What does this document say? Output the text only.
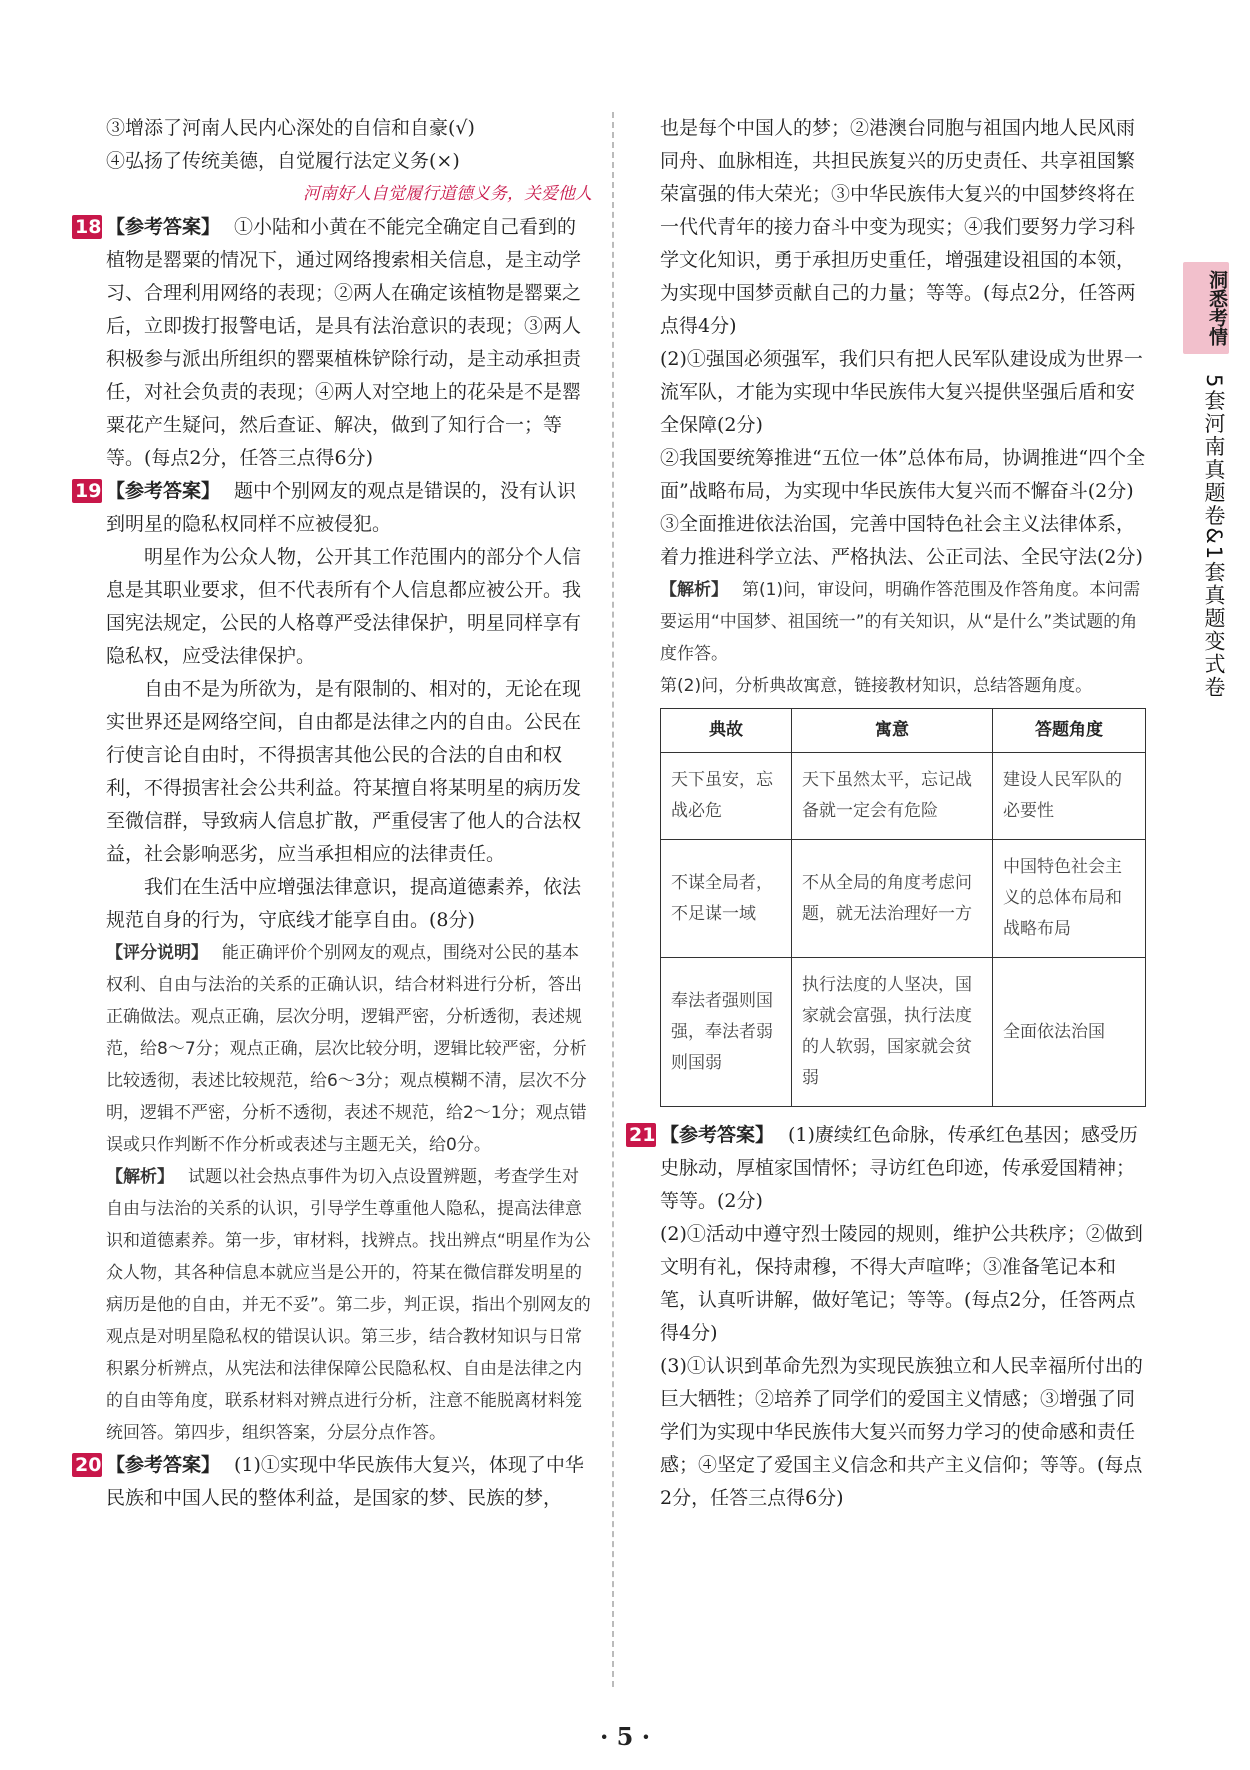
③增添了河南人民内心深处的自信和自豪(√)

④弘扬了传统美德，自觉履行法定义务(×)

河南好人自觉履行道德义务，关爱他人

18 【参考答案】 ①小陆和小黄在不能完全确定自己看到的植物是罂粟的情况下，通过网络搜索相关信息，是主动学习、合理利用网络的表现；②两人在确定该植物是罂粟之后，立即拨打报警电话，是具有法治意识的表现；③两人积极参与派出所组织的罂粟植株铲除行动，是主动承担责任，对社会负责的表现；④两人对空地上的花朵是不是罂粟花产生疑问，然后查证、解决，做到了知行合一；等等。(每点2分，任答三点得6分)

19 【参考答案】 题中个别网友的观点是错误的，没有认识到明星的隐私权同样不应被侵犯。

明星作为公众人物，公开其工作范围内的部分个人信息是其职业要求，但不代表所有个人信息都应被公开。我国宪法规定，公民的人格尊严受法律保护，明星同样享有隐私权，应受法律保护。

自由不是为所欲为，是有限制的、相对的，无论在现实世界还是网络空间，自由都是法律之内的自由。公民在行使言论自由时，不得损害其他公民的合法的自由和权利，不得损害社会公共利益。符某擅自将某明星的病历发至微信群，导致病人信息扩散，严重侵害了他人的合法权益，社会影响恶劣，应当承担相应的法律责任。

我们在生活中应增强法律意识，提高道德素养，依法规范自身的行为，守底线才能享自由。(8分)

【评分说明】 能正确评价个别网友的观点，围绕对公民的基本权利、自由与法治的关系的正确认识，结合材料进行分析，答出正确做法。观点正确，层次分明，逻辑严密，分析透彻，表述规范，给8～7分；观点正确，层次比较分明，逻辑比较严密，分析比较透彻，表述比较规范，给6～3分；观点模糊不清，层次不分明，逻辑不严密，分析不透彻，表述不规范，给2～1分；观点错误或只作判断不作分析或表述与主题无关，给0分。

【解析】 试题以社会热点事件为切入点设置辨题，考查学生对自由与法治的关系的认识，引导学生尊重他人隐私，提高法律意识和道德素养。第一步，审材料，找辨点。找出辨点“明星作为公众人物，其各种信息本就应当是公开的，符某在微信群发明星的病历是他的自由，并无不妥”。第二步，判正误，指出个别网友的观点是对明星隐私权的错误认识。第三步，结合教材知识与日常积累分析辨点，从宪法和法律保障公民隐私权、自由是法律之内的自由等角度，联系材料对辨点进行分析，注意不能脱离材料笼统回答。第四步，组织答案，分层分点作答。

20 【参考答案】 (1)①实现中华民族伟大复兴，体现了中华民族和中国人民的整体利益，是国家的梦、民族的梦，

也是每个中国人的梦；②港澳台同胞与祖国内地人民风雨同舟、血脉相连，共担民族复兴的历史责任、共享祖国繁荣富强的伟大荣光；③中华民族伟大复兴的中国梦终将在一代代青年的接力奋斗中变为现实；④我们要努力学习科学文化知识，勇于承担历史重任，增强建设祖国的本领，为实现中国梦贡献自己的力量；等等。(每点2分，任答两点得4分)

(2)①强国必须强军，我们只有把人民军队建设成为世界一流军队，才能为实现中华民族伟大复兴提供坚强后盾和安全保障(2分)

②我国要统筹推进“五位一体”总体布局，协调推进“四个全面”战略布局，为实现中华民族伟大复兴而不懈奋斗(2分)

③全面推进依法治国，完善中国特色社会主义法律体系，着力推进科学立法、严格执法、公正司法、全民守法(2分)

【解析】 第(1)问，审设问，明确作答范围及作答角度。本问需要运用“中国梦、祖国统一”的有关知识，从“是什么”类试题的角度作答。

第(2)问，分析典故寓意，链接教材知识，总结答题角度。

典故	寓意	答题角度
天下虽安，忘战必危	天下虽然太平，忘记战备就一定会有危险	建设人民军队的必要性
不谋全局者，不足谋一域	不从全局的角度考虑问题，就无法治理好一方	中国特色社会主义的总体布局和战略布局
奉法者强则国强，奉法者弱则国弱	执行法度的人坚决，国家就会富强，执行法度的人软弱，国家就会贫弱	全面依法治国
21 【参考答案】 (1)赓续红色命脉，传承红色基因；感受历史脉动，厚植家国情怀；寻访红色印迹，传承爱国精神；等等。(2分)

(2)①活动中遵守烈士陵园的规则，维护公共秩序；②做到文明有礼，保持肃穆，不得大声喧哗；③准备笔记本和笔，认真听讲解，做好笔记；等等。(每点2分，任答两点得4分)

(3)①认识到革命先烈为实现民族独立和人民幸福所付出的巨大牺牲；②培养了同学们的爱国主义情感；③增强了同学们为实现中华民族伟大复兴而努力学习的使命感和责任感；④坚定了爱国主义信念和共产主义信仰；等等。(每点2分，任答三点得6分)

洞悉考情
5套河南真题卷&1套真题变式卷
· 5 ·
